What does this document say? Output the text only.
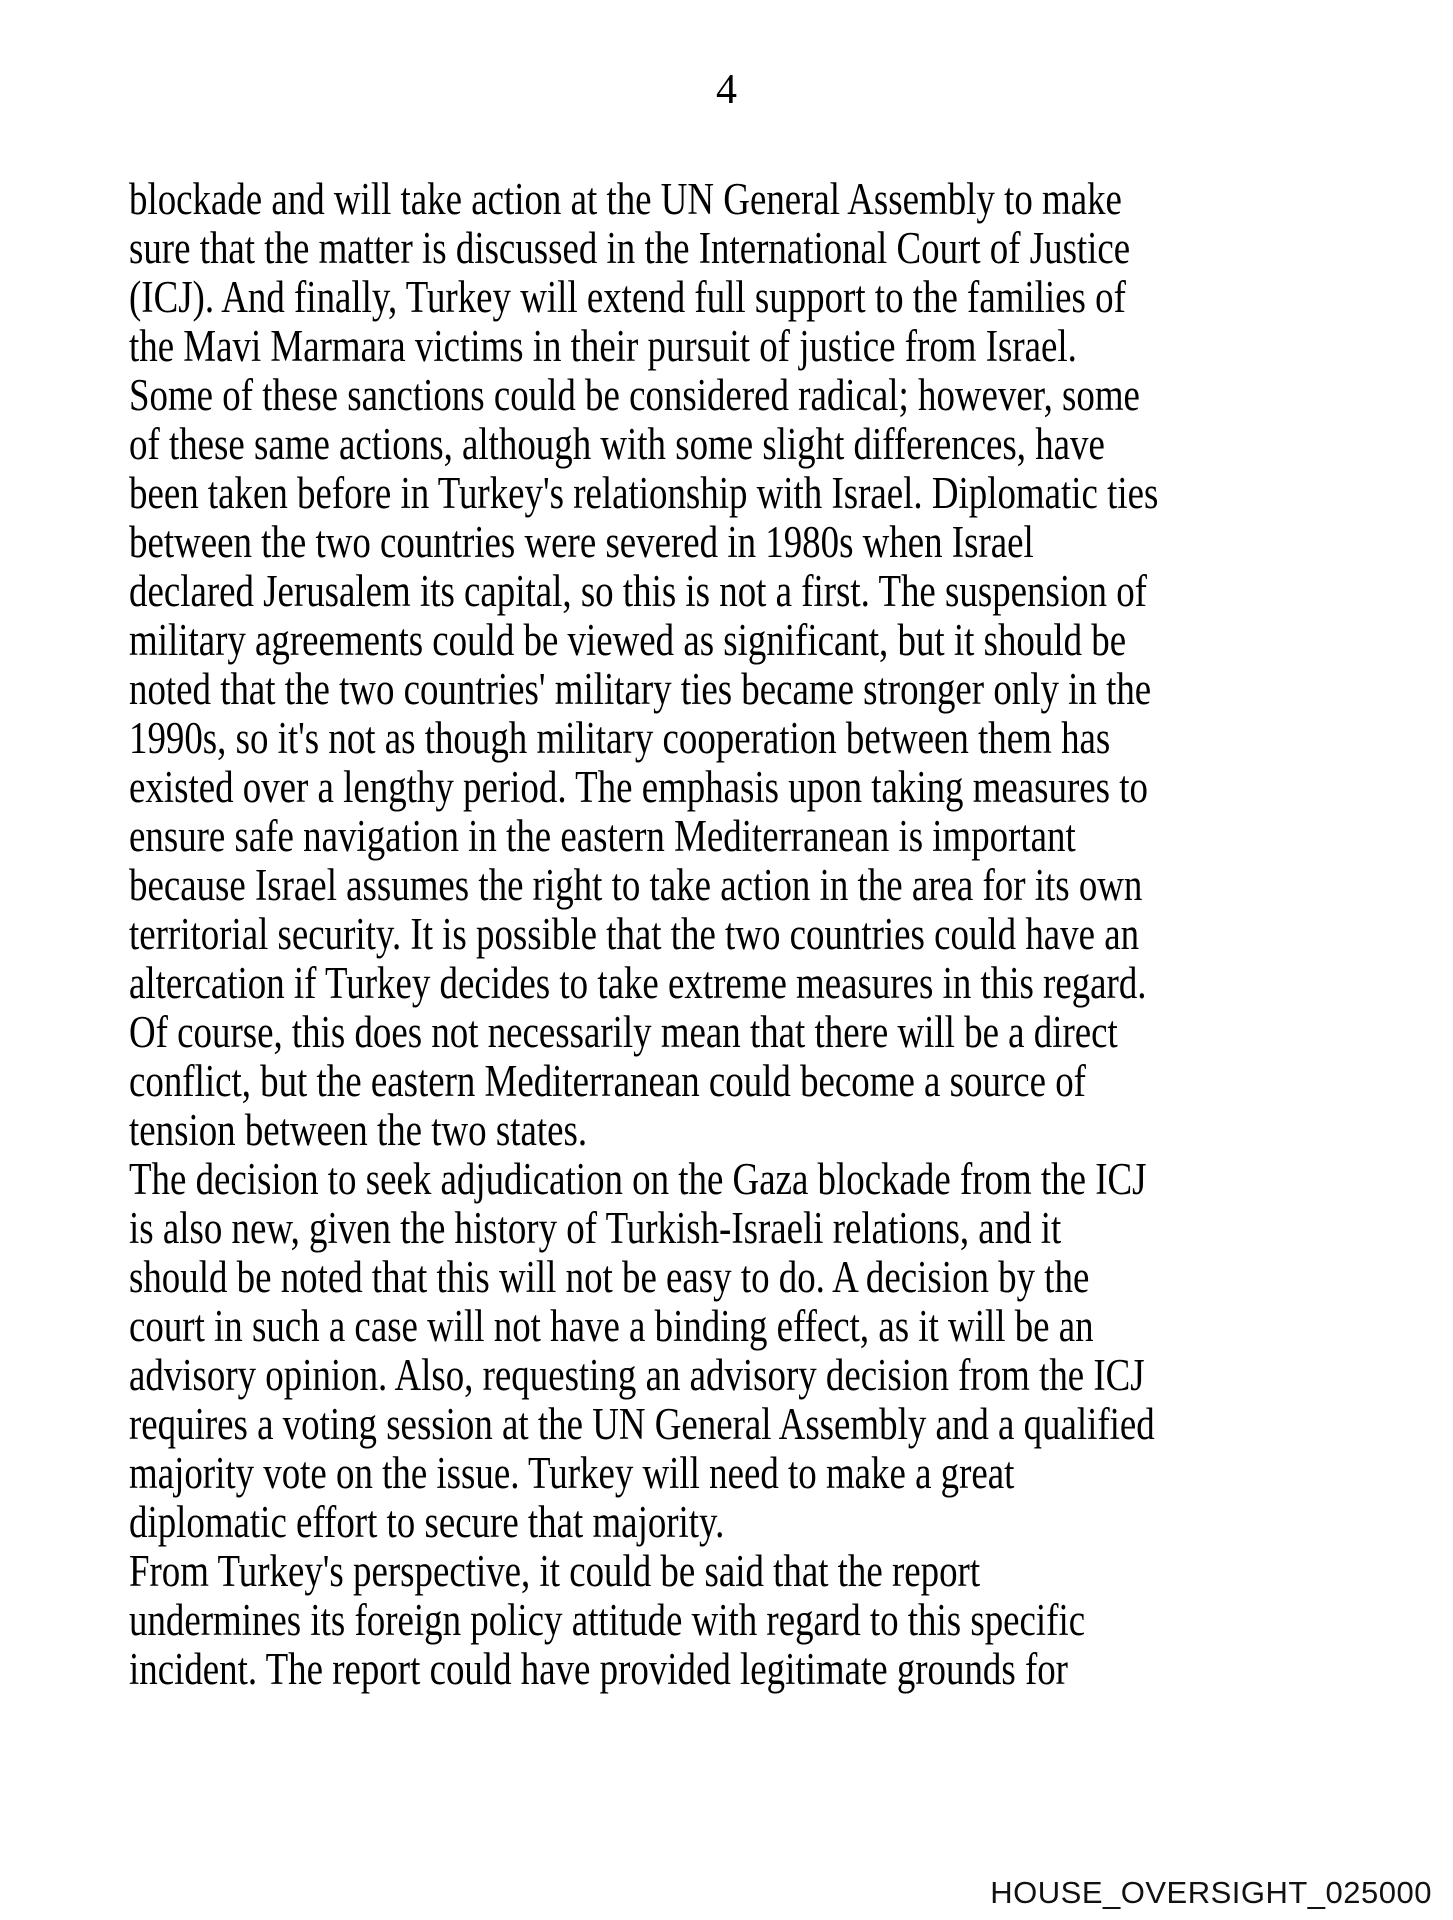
4
blockade and will take action at the UN General Assembly to make
sure that the matter is discussed in the International Court of Justice
(ICJ). And finally, Turkey will extend full support to the families of
the Mavi Marmara victims in their pursuit of justice from Israel.
Some of these sanctions could be considered radical; however, some
of these same actions, although with some slight differences, have
been taken before in Turkey's relationship with Israel. Diplomatic ties
between the two countries were severed in 1980s when Israel
declared Jerusalem its capital, so this is not a first. The suspension of
military agreements could be viewed as significant, but it should be
noted that the two countries' military ties became stronger only in the
1990s, so it's not as though military cooperation between them has
existed over a lengthy period. The emphasis upon taking measures to
ensure safe navigation in the eastern Mediterranean is important
because Israel assumes the right to take action in the area for its own
territorial security. It is possible that the two countries could have an
altercation if Turkey decides to take extreme measures in this regard.
Of course, this does not necessarily mean that there will be a direct
conflict, but the eastern Mediterranean could become a source of
tension between the two states.
The decision to seek adjudication on the Gaza blockade from the ICJ
is also new, given the history of Turkish-Israeli relations, and it
should be noted that this will not be easy to do. A decision by the
court in such a case will not have a binding effect, as it will be an
advisory opinion. Also, requesting an advisory decision from the ICJ
requires a voting session at the UN General Assembly and a qualified
majority vote on the issue. Turkey will need to make a great
diplomatic effort to secure that majority.
From Turkey's perspective, it could be said that the report
undermines its foreign policy attitude with regard to this specific
incident. The report could have provided legitimate grounds for
HOUSE_OVERSIGHT_025000
